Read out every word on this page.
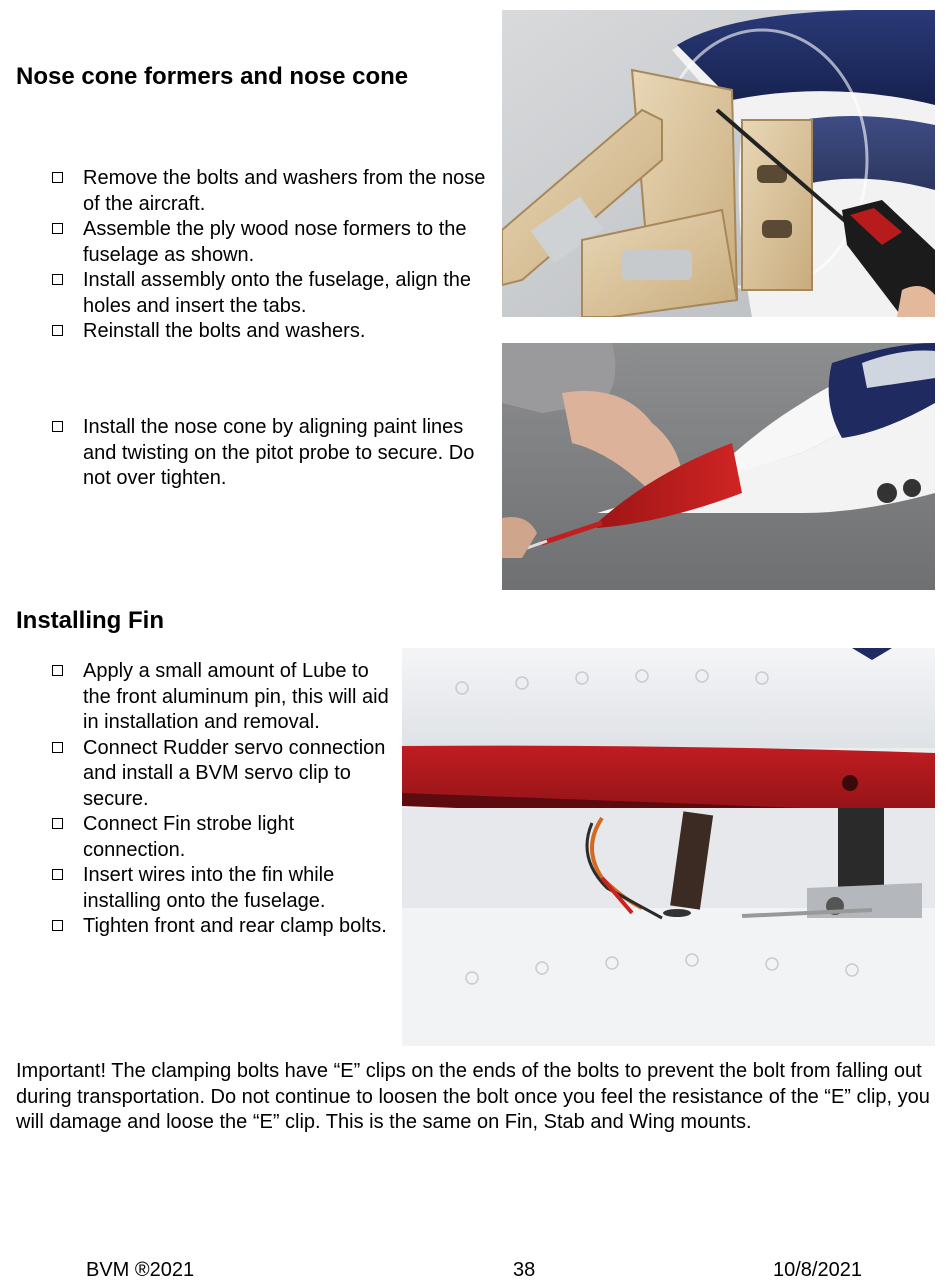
Nose cone formers and nose cone
Remove the bolts and washers from the nose of the aircraft.
Assemble the ply wood nose formers to the fuselage as shown.
Install assembly onto the fuselage, align the holes and insert the tabs.
Reinstall the bolts and washers.
Install the nose cone by aligning paint lines and twisting on the pitot probe to secure. Do not over tighten.
Installing Fin
Apply a small amount of Lube to the front aluminum pin, this will aid in installation and removal.
Connect Rudder servo connection and install a BVM servo clip to secure.
Connect Fin strobe light connection.
Insert wires into the fin while installing onto the fuselage.
Tighten front and rear clamp bolts.

Important! The clamping bolts have “E” clips on the ends of the bolts to prevent the bolt from falling out during transportation. Do not continue to loosen the bolt once you feel the resistance of the “E” clip, you will damage and loose the “E” clip. This is the same on Fin, Stab and Wing mounts.

BVM ®2021	38	10/8/2021
